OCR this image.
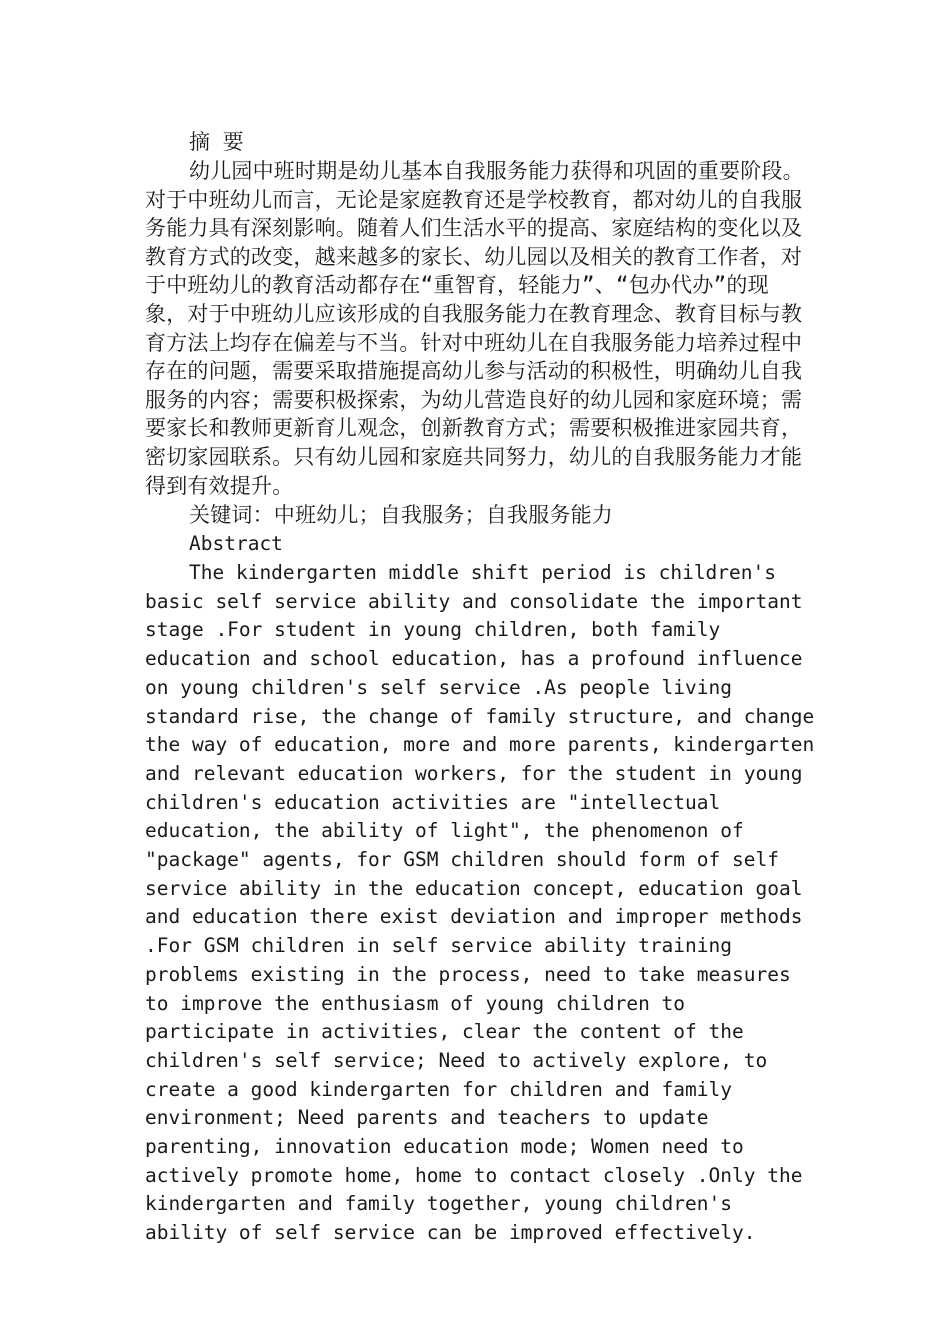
摘 要

幼儿园中班时期是幼儿基本自我服务能力获得和巩固的重要阶段。对于中班幼儿而言，无论是家庭教育还是学校教育，都对幼儿的自我服务能力具有深刻影响。随着人们生活水平的提高、家庭结构的变化以及教育方式的改变，越来越多的家长、幼儿园以及相关的教育工作者，对于中班幼儿的教育活动都存在“重智育，轻能力”、“包办代办”的现象，对于中班幼儿应该形成的自我服务能力在教育理念、教育目标与教育方法上均存在偏差与不当。针对中班幼儿在自我服务能力培养过程中存在的问题，需要采取措施提高幼儿参与活动的积极性，明确幼儿自我服务的内容；需要积极探索，为幼儿营造良好的幼儿园和家庭环境；需要家长和教师更新育儿观念，创新教育方式；需要积极推进家园共育，密切家园联系。只有幼儿园和家庭共同努力，幼儿的自我服务能力才能得到有效提升。

关键词：中班幼儿；自我服务；自我服务能力

Abstract

The kindergarten middle shift period is children's basic self service ability and consolidate the important stage .For student in young children, both family education and school education, has a profound influence on young children's self service .As people living standard rise, the change of family structure, and change the way of education, more and more parents, kindergarten and relevant education workers, for the student in young children's education activities are "intellectual education, the ability of light", the phenomenon of "package" agents, for GSM children should form of self service ability in the education concept, education goal and education there exist deviation and improper methods .For GSM children in self service ability training problems existing in the process, need to take measures to improve the enthusiasm of young children to participate in activities, clear the content of the children's self service; Need to actively explore, to create a good kindergarten for children and family environment; Need parents and teachers to update parenting, innovation education mode; Women need to actively promote home, home to contact closely .Only the kindergarten and family together, young children's ability of self service can be improved effectively.
